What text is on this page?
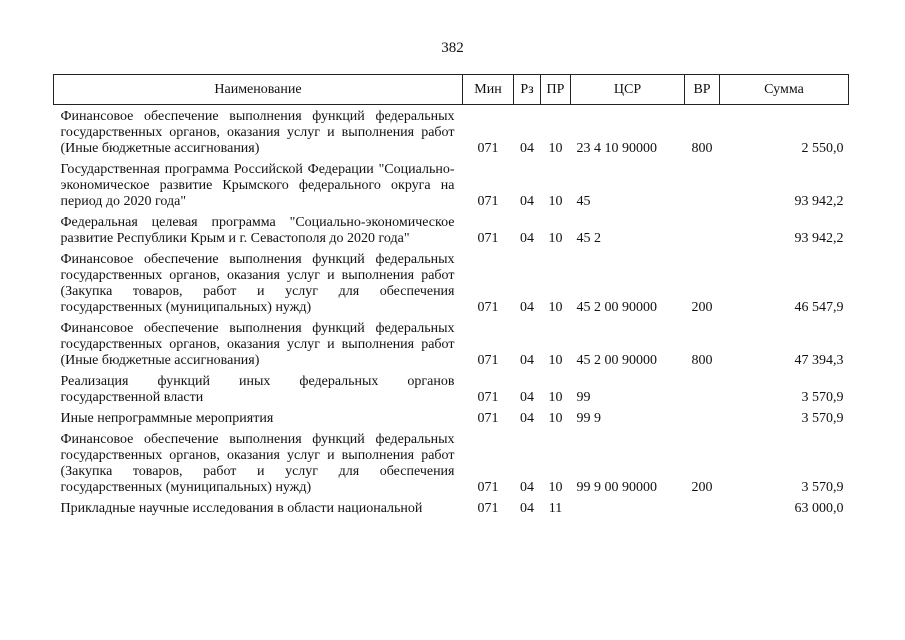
382
Наименование	Мин	Рз	ПР	ЦСР	ВР	Сумма
Финансовое обеспечение выполнения функций федеральных государственных органов, оказания услуг и выполнения работ (Иные бюджетные ассигнования)	071	04	10	23 4 10 90000	800	2 550,0

Государственная программа Российской Федерации "Социально-экономическое развитие Крымского федерального округа на период до 2020 года"	071	04	10	45		93 942,2

Федеральная целевая программа "Социально-экономическое развитие Республики Крым и г. Севастополя до 2020 года"	071	04	10	45 2		93 942,2

Финансовое обеспечение выполнения функций федеральных государственных органов, оказания услуг и выполнения работ (Закупка товаров, работ и услуг для обеспечения государственных (муниципальных) нужд)	071	04	10	45 2 00 90000	200	46 547,9

Финансовое обеспечение выполнения функций федеральных государственных органов, оказания услуг и выполнения работ (Иные бюджетные ассигнования)	071	04	10	45 2 00 90000	800	47 394,3

Реализация функций иных федеральных органов государственной власти	071	04	10	99		3 570,9

Иные непрограммные мероприятия	071	04	10	99 9		3 570,9

Финансовое обеспечение выполнения функций федеральных государственных органов, оказания услуг и выполнения работ (Закупка товаров, работ и услуг для обеспечения государственных (муниципальных) нужд)	071	04	10	99 9 00 90000	200	3 570,9

Прикладные научные исследования в области национальной	071	04	11			63 000,0
